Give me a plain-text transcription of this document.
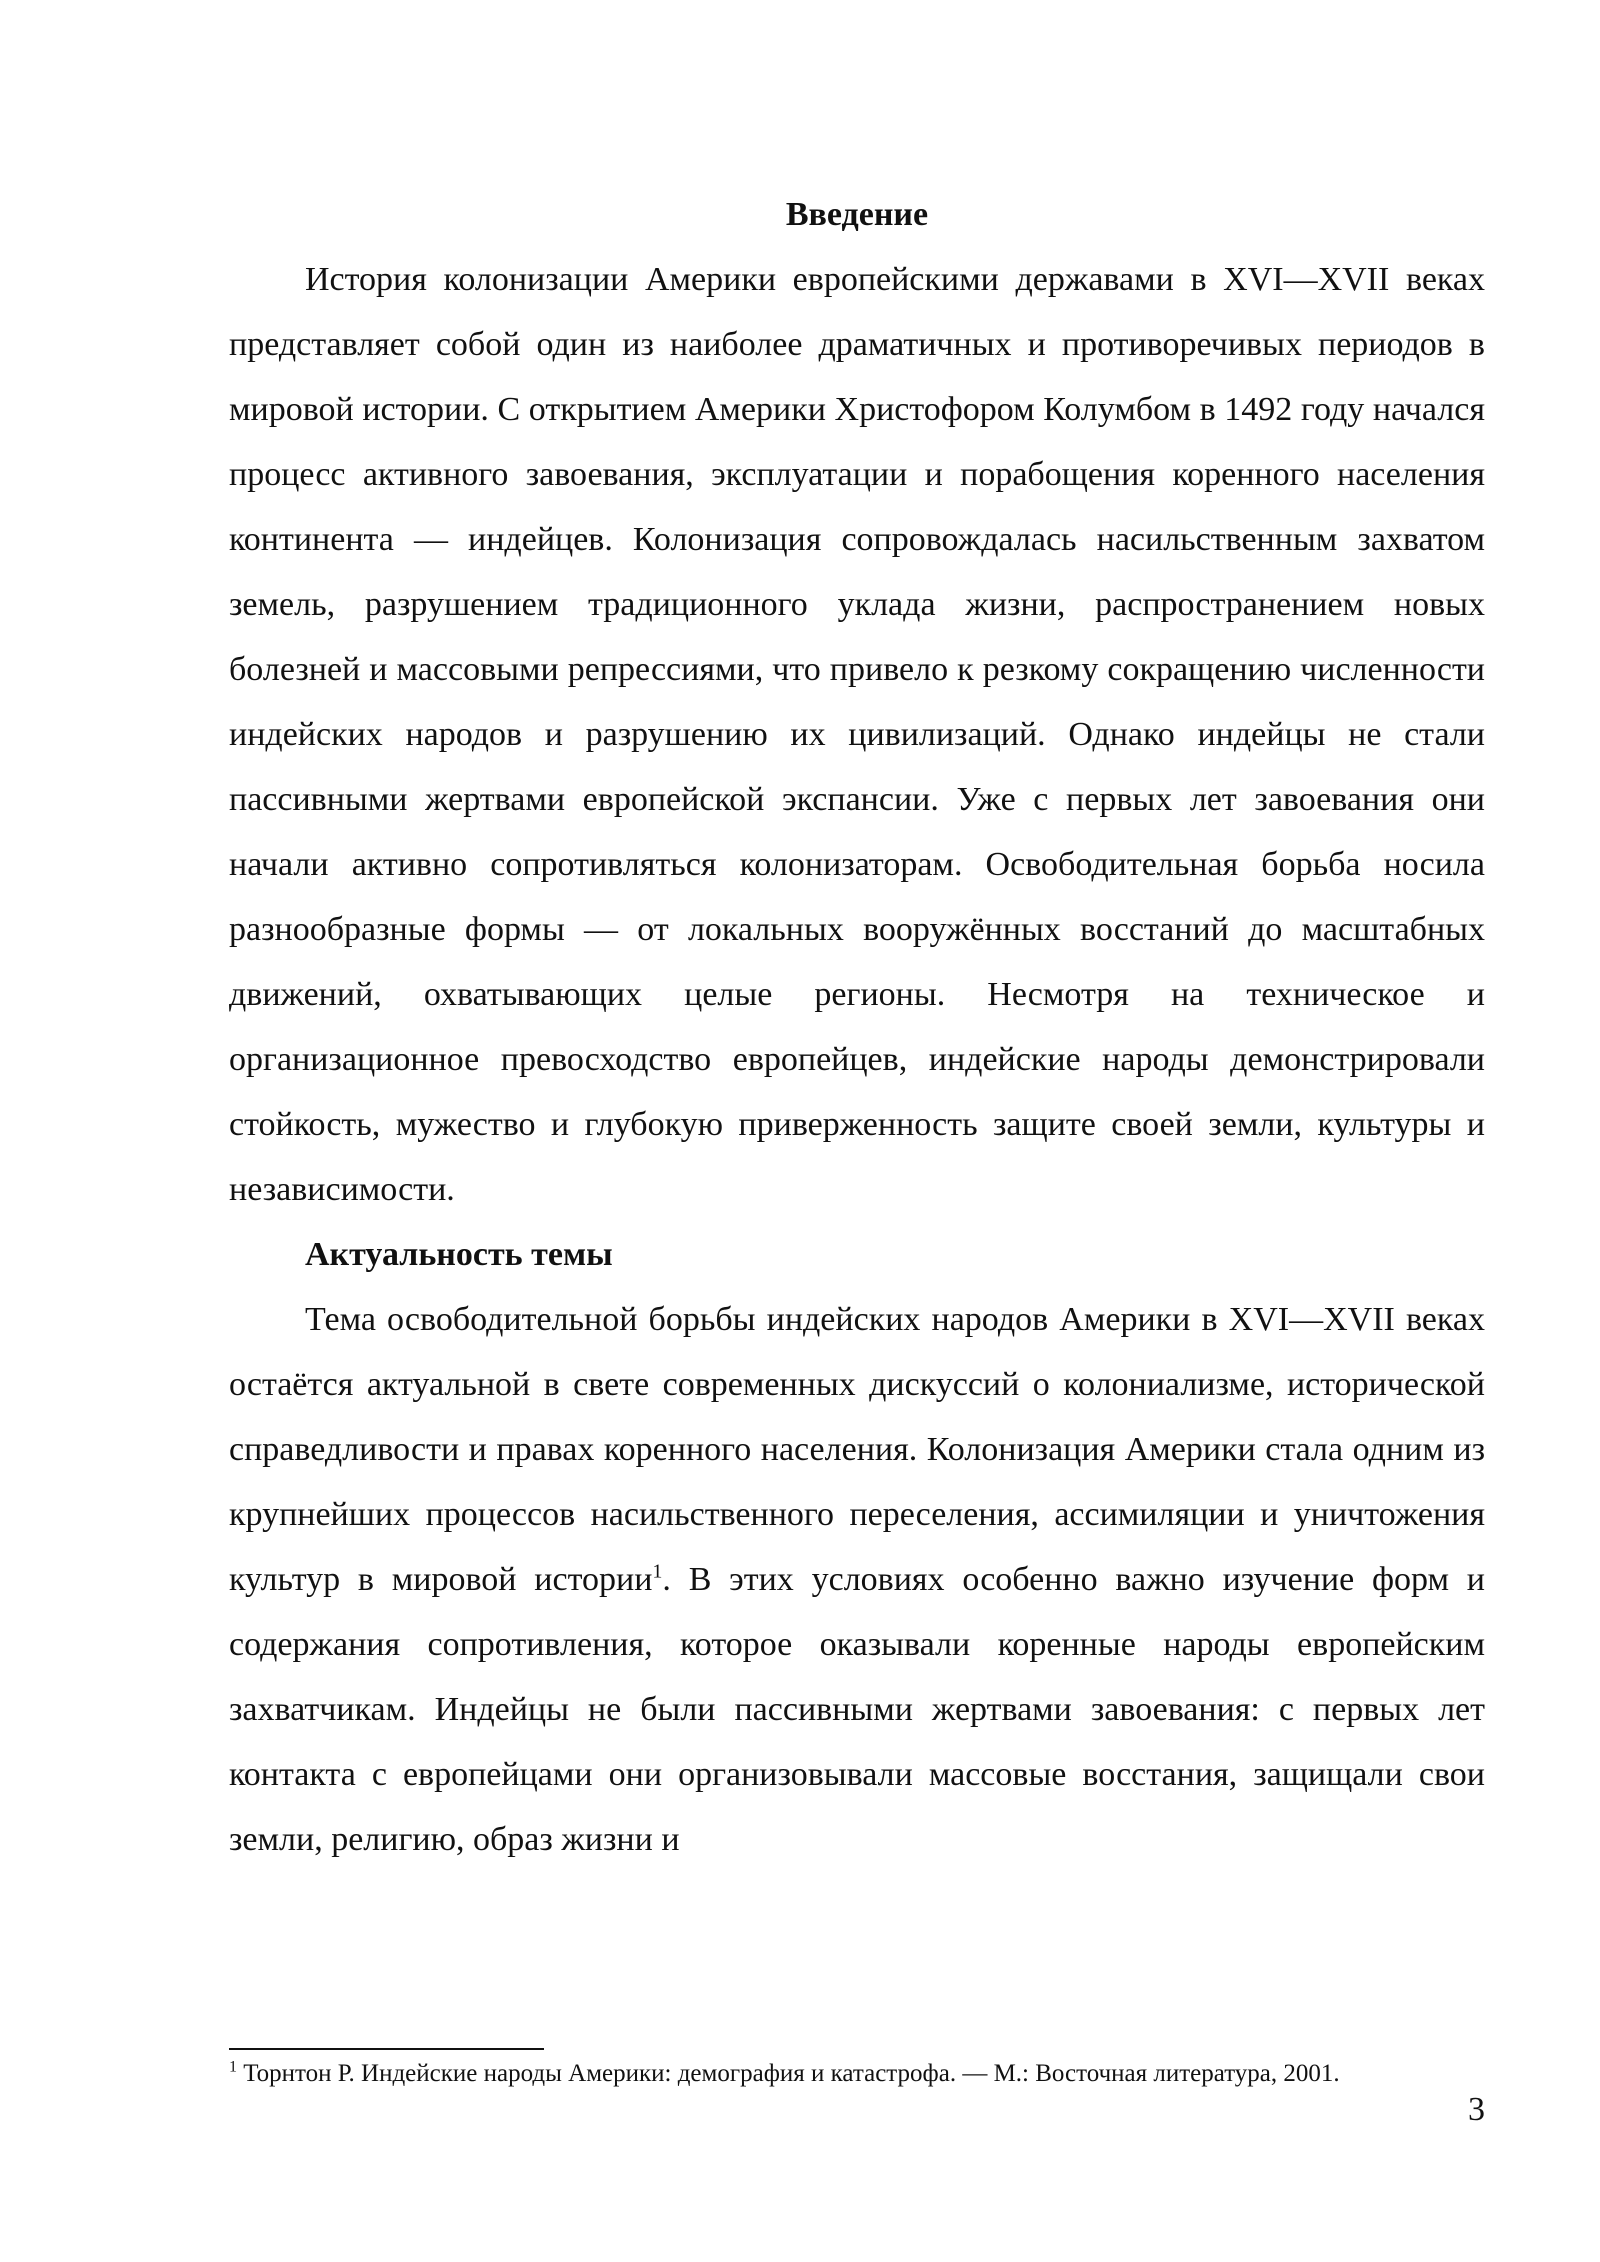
Введение

История колонизации Америки европейскими державами в XVI—XVII веках представляет собой один из наиболее драматичных и противоречивых периодов в мировой истории. С открытием Америки Христофором Колумбом в 1492 году начался процесс активного завоевания, эксплуатации и порабощения коренного населения континента — индейцев. Колонизация сопровождалась насильственным захватом земель, разрушением традиционного уклада жизни, распространением новых болезней и массовыми репрессиями, что привело к резкому сокращению численности индейских народов и разрушению их цивилизаций. Однако индейцы не стали пассивными жертвами европейской экспансии. Уже с первых лет завоевания они начали активно сопротивляться колонизаторам. Освободительная борьба носила разнообразные формы — от локальных вооружённых восстаний до масштабных движений, охватывающих целые регионы. Несмотря на техническое и организационное превосходство европейцев, индейские народы демонстрировали стойкость, мужество и глубокую приверженность защите своей земли, культуры и независимости.

Актуальность темы

Тема освободительной борьбы индейских народов Америки в XVI—XVII веках остаётся актуальной в свете современных дискуссий о колониализме, исторической справедливости и правах коренного населения. Колонизация Америки стала одним из крупнейших процессов насильственного переселения, ассимиляции и уничтожения культур в мировой истории$^1$. В этих условиях особенно важно изучение форм и содержания сопротивления, которое оказывали коренные народы европейским захватчикам. Индейцы не были пассивными жертвами завоевания: с первых лет контакта с европейцами они организовывали массовые восстания, защищали свои земли, религию, образ жизни и

$^1$ Торнтон Р. Индейские народы Америки: демография и катастрофа. — М.: Восточная литература, 2001.
3
